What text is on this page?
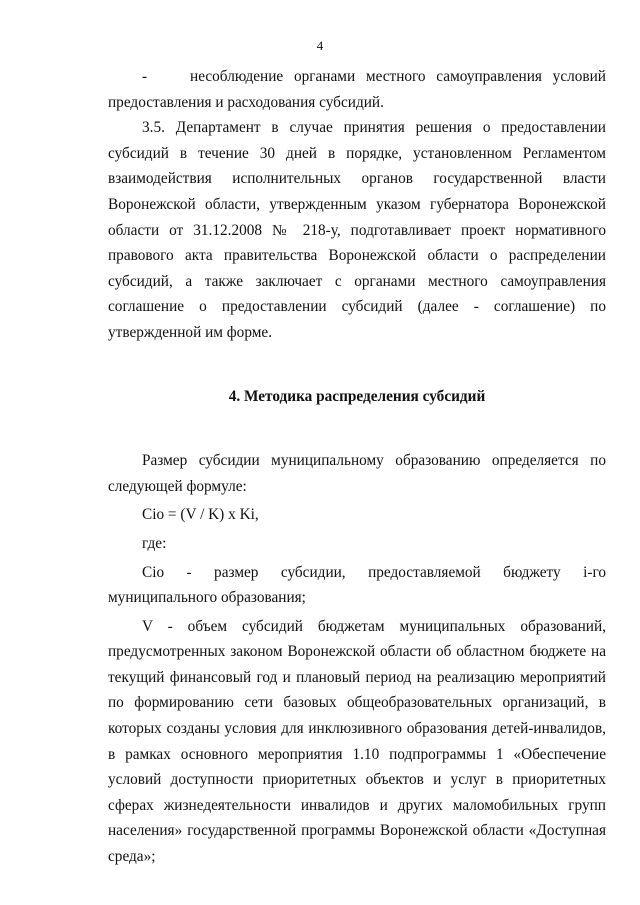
4

-    несоблюдение органами местного самоуправления условий предоставления и расходования субсидий.

3.5. Департамент в случае принятия решения о предоставлении субсидий в течение 30 дней в порядке, установленном Регламентом взаимодействия исполнительных органов государственной власти Воронежской области, утвержденным указом губернатора Воронежской области от 31.12.2008 № 218-у, подготавливает проект нормативного правового акта правительства Воронежской области о распределении субсидий, а также заключает с органами местного самоуправления соглашение о предоставлении субсидий (далее - соглашение) по утвержденной им форме.

4. Методика распределения субсидий

Размер субсидии муниципальному образованию определяется по следующей формуле:

Сio = (V / K) x Ki,

где:

Сio - размер субсидии, предоставляемой бюджету i-го муниципального образования;

V - объем субсидий бюджетам муниципальных образований, предусмотренных законом Воронежской области об областном бюджете на текущий финансовый год и плановый период на реализацию мероприятий по формированию сети базовых общеобразовательных организаций, в которых созданы условия для инклюзивного образования детей-инвалидов, в рамках основного мероприятия 1.10 подпрограммы 1 «Обеспечение условий доступности приоритетных объектов и услуг в приоритетных сферах жизнедеятельности инвалидов и других маломобильных групп населения» государственной программы Воронежской области «Доступная среда»;
